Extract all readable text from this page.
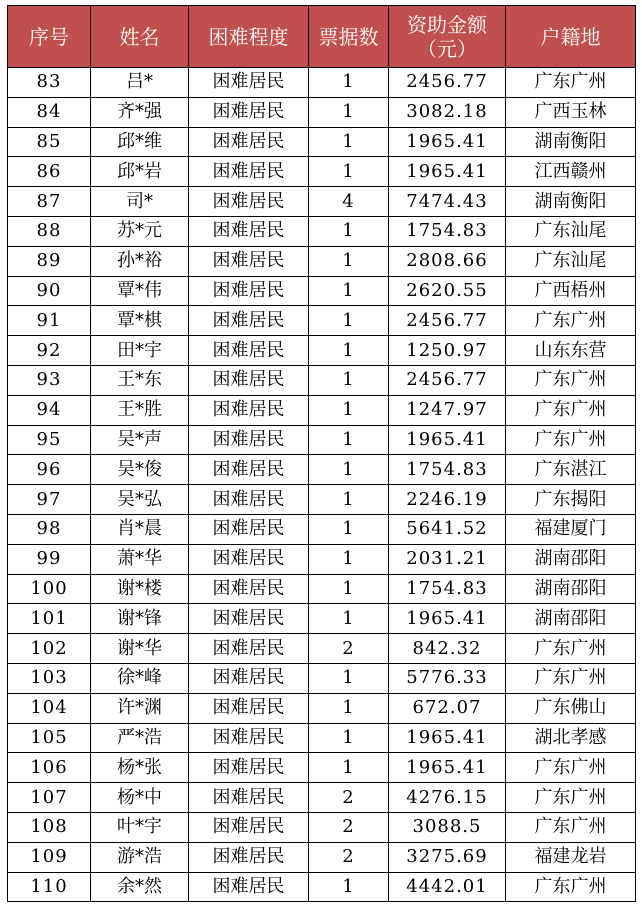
序号	姓名	困难程度	票据数	资助金额（元）	户籍地
83	吕*	困难居民	1	2456.77	广东广州
84	齐*强	困难居民	1	3082.18	广西玉林
85	邱*维	困难居民	1	1965.41	湖南衡阳
86	邱*岩	困难居民	1	1965.41	江西赣州
87	司*	困难居民	4	7474.43	湖南衡阳
88	苏*元	困难居民	1	1754.83	广东汕尾
89	孙*裕	困难居民	1	2808.66	广东汕尾
90	覃*伟	困难居民	1	2620.55	广西梧州
91	覃*棋	困难居民	1	2456.77	广东广州
92	田*宇	困难居民	1	1250.97	山东东营
93	王*东	困难居民	1	2456.77	广东广州
94	王*胜	困难居民	1	1247.97	广东广州
95	吴*声	困难居民	1	1965.41	广东广州
96	吴*俊	困难居民	1	1754.83	广东湛江
97	吴*弘	困难居民	1	2246.19	广东揭阳
98	肖*晨	困难居民	1	5641.52	福建厦门
99	萧*华	困难居民	1	2031.21	湖南邵阳
100	谢*楼	困难居民	1	1754.83	湖南邵阳
101	谢*锋	困难居民	1	1965.41	湖南邵阳
102	谢*华	困难居民	2	842.32	广东广州
103	徐*峰	困难居民	1	5776.33	广东广州
104	许*渊	困难居民	1	672.07	广东佛山
105	严*浩	困难居民	1	1965.41	湖北孝感
106	杨*张	困难居民	1	1965.41	广东广州
107	杨*中	困难居民	2	4276.15	广东广州
108	叶*宇	困难居民	2	3088.5	广东广州
109	游*浩	困难居民	2	3275.69	福建龙岩
110	余*然	困难居民	1	4442.01	广东广州
